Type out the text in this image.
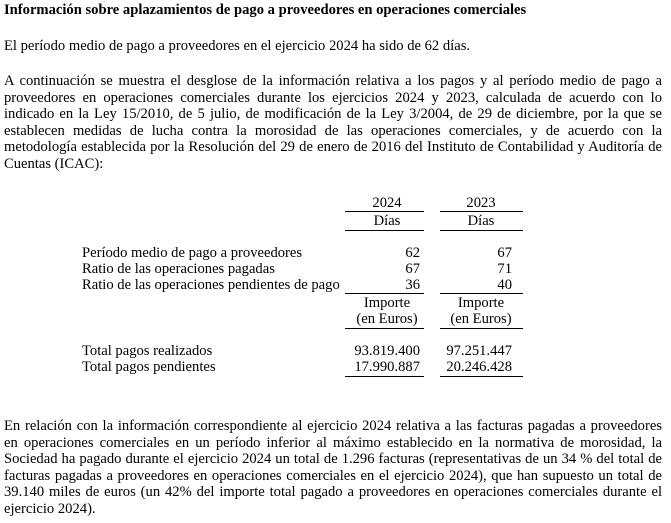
Información sobre aplazamientos de pago a proveedores en operaciones comerciales
El período medio de pago a proveedores en el ejercicio 2024 ha sido de 62 días.
A continuación se muestra el desglose de la información relativa a los pagos y al período medio de pago a proveedores en operaciones comerciales durante los ejercicios 2024 y 2023, calculada de acuerdo con lo indicado en la Ley 15/2010, de 5 julio, de modificación de la Ley 3/2004, de 29 de diciembre, por la que se establecen medidas de lucha contra la morosidad de las operaciones comerciales, y de acuerdo con la metodología establecida por la Resolución del 29 de enero de 2016 del Instituto de Contabilidad y Auditoría de Cuentas (ICAC):
2024	2023
Días	Días
Período medio de pago a proveedores	62	67
Ratio de las operaciones pagadas	67	71
Ratio de las operaciones pendientes de pago	36	40
Importe	Importe
(en Euros)	(en Euros)
Total pagos realizados	93.819.400	97.251.447
Total pagos pendientes	17.990.887	20.246.428
En relación con la información correspondiente al ejercicio 2024 relativa a las facturas pagadas a proveedores en operaciones comerciales en un período inferior al máximo establecido en la normativa de morosidad, la Sociedad ha pagado durante el ejercicio 2024 un total de 1.296 facturas (representativas de un 34 % del total de facturas pagadas a proveedores en operaciones comerciales en el ejercicio 2024), que han supuesto un total de 39.140 miles de euros (un 42% del importe total pagado a proveedores en operaciones comerciales durante el ejercicio 2024).
